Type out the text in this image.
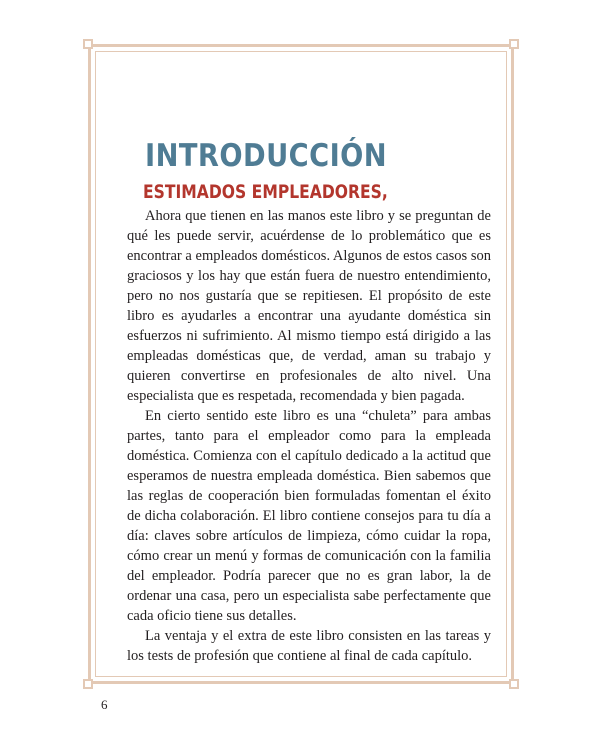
INTRODUCCIÓN
ESTIMADOS EMPLEADORES,

Ahora que tienen en las manos este libro y se preguntan de qué les puede servir, acuérdense de lo problemático que es encontrar a empleados domésticos. Algunos de estos casos son graciosos y los hay que están fuera de nuestro entendimiento, pero no nos gustaría que se repitiesen. El propósito de este libro es ayudarles a encontrar una ayudante doméstica sin esfuerzos ni sufrimiento. Al mismo tiempo está dirigido a las empleadas domésticas que, de verdad, aman su trabajo y quieren convertirse en profesionales de alto nivel. Una especialista que es respetada, recomendada y bien pagada.

En cierto sentido este libro es una “chuleta” para ambas partes, tanto para el empleador como para la empleada doméstica. Comienza con el capítulo dedicado a la actitud que esperamos de nuestra empleada doméstica. Bien sabemos que las reglas de cooperación bien formuladas fomentan el éxito de dicha colaboración. El libro contiene consejos para tu día a día: claves sobre artículos de limpieza, cómo cuidar la ropa, cómo crear un menú y formas de comunicación con la familia del empleador. Podría parecer que no es gran labor, la de ordenar una casa, pero un especialista sabe perfectamente que cada oficio tiene sus detalles.

La ventaja y el extra de este libro consisten en las tareas y los tests de profesión que contiene al final de cada capítulo.

6
